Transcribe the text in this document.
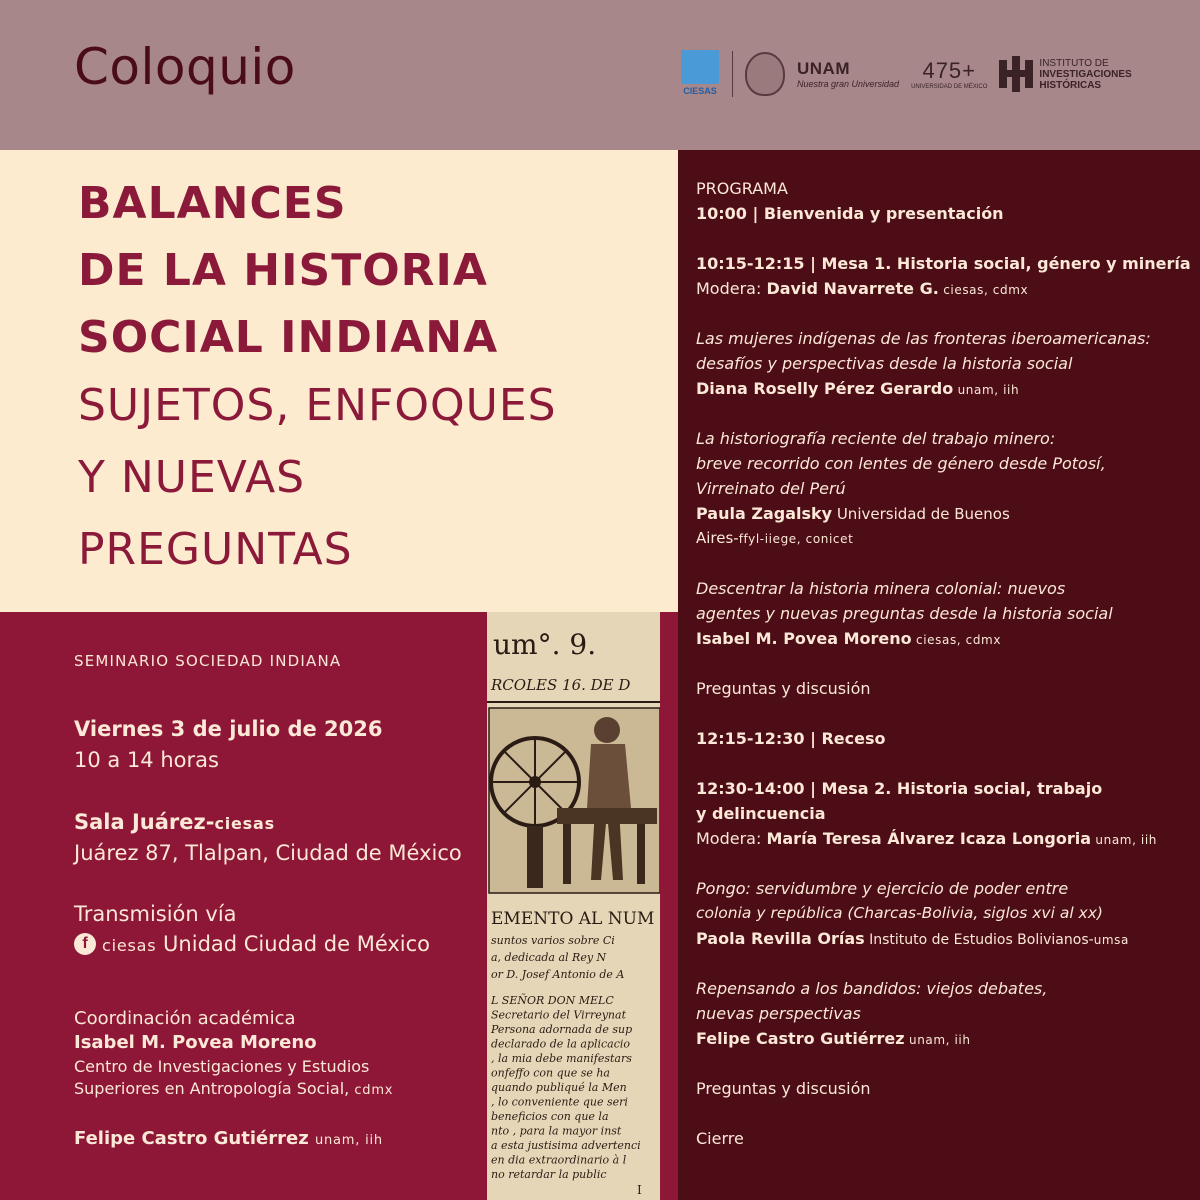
Coloquio	CIESAS
UNAM
Nuestra gran Universidad
475+
UNIVERSIDAD DE MÉXICO
INSTITUTO DE
INVESTIGACIONES
HISTÓRICAS
BALANCES
DE LA HISTORIA
SOCIAL INDIANA
SUJETOS, ENFOQUES
Y NUEVAS
PREGUNTAS
SEMINARIO SOCIEDAD INDIANA
Viernes 3 de julio de 2026
10 a 14 horas
Sala Juárez-ciesas
Juárez 87, Tlalpan, Ciudad de México
Transmisión vía
f ciesas Unidad Ciudad de México
Coordinación académica
Isabel M. Povea Moreno
Centro de Investigaciones y Estudios
Superiores en Antropología Social, cdmx
Felipe Castro Gutiérrez unam, iih
um°. 9.
RCOLES 16. DE D
EMENTO AL NUM
suntos varios sobre Ci
a, dedicada al Rey N
or D. Josef Antonio de A
L SEÑOR DON MELC
Secretario del Virreynat
Persona adornada de sup
declarado de la aplicacio
, la mia debe manifestars
onfeffo con que se ha
quando publiqué la Men
, lo conveniente que seri
beneficios con que la
nto , para la mayor inst
a esta justisima advertenci
en dia extraordinario à l
no retardar la public
I
PROGRAMA
10:00 | Bienvenida y presentación
10:15-12:15 | Mesa 1. Historia social, género y minería
Modera: David Navarrete G. ciesas, cdmx
Las mujeres indígenas de las fronteras iberoamericanas:
desafíos y perspectivas desde la historia social
Diana Roselly Pérez Gerardo unam, iih
La historiografía reciente del trabajo minero:
breve recorrido con lentes de género desde Potosí,
Virreinato del Perú
Paula Zagalsky Universidad de Buenos
Aires-ffyl-iiege, conicet
Descentrar la historia minera colonial: nuevos
agentes y nuevas preguntas desde la historia social
Isabel M. Povea Moreno ciesas, cdmx
Preguntas y discusión
12:15-12:30 | Receso
12:30-14:00 | Mesa 2. Historia social, trabajo
y delincuencia
Modera: María Teresa Álvarez Icaza Longoria unam, iih
Pongo: servidumbre y ejercicio de poder entre
colonia y república (Charcas-Bolivia, siglos xvi al xx)
Paola Revilla Orías Instituto de Estudios Bolivianos-umsa
Repensando a los bandidos: viejos debates,
nuevas perspectivas
Felipe Castro Gutiérrez unam, iih
Preguntas y discusión
Cierre
